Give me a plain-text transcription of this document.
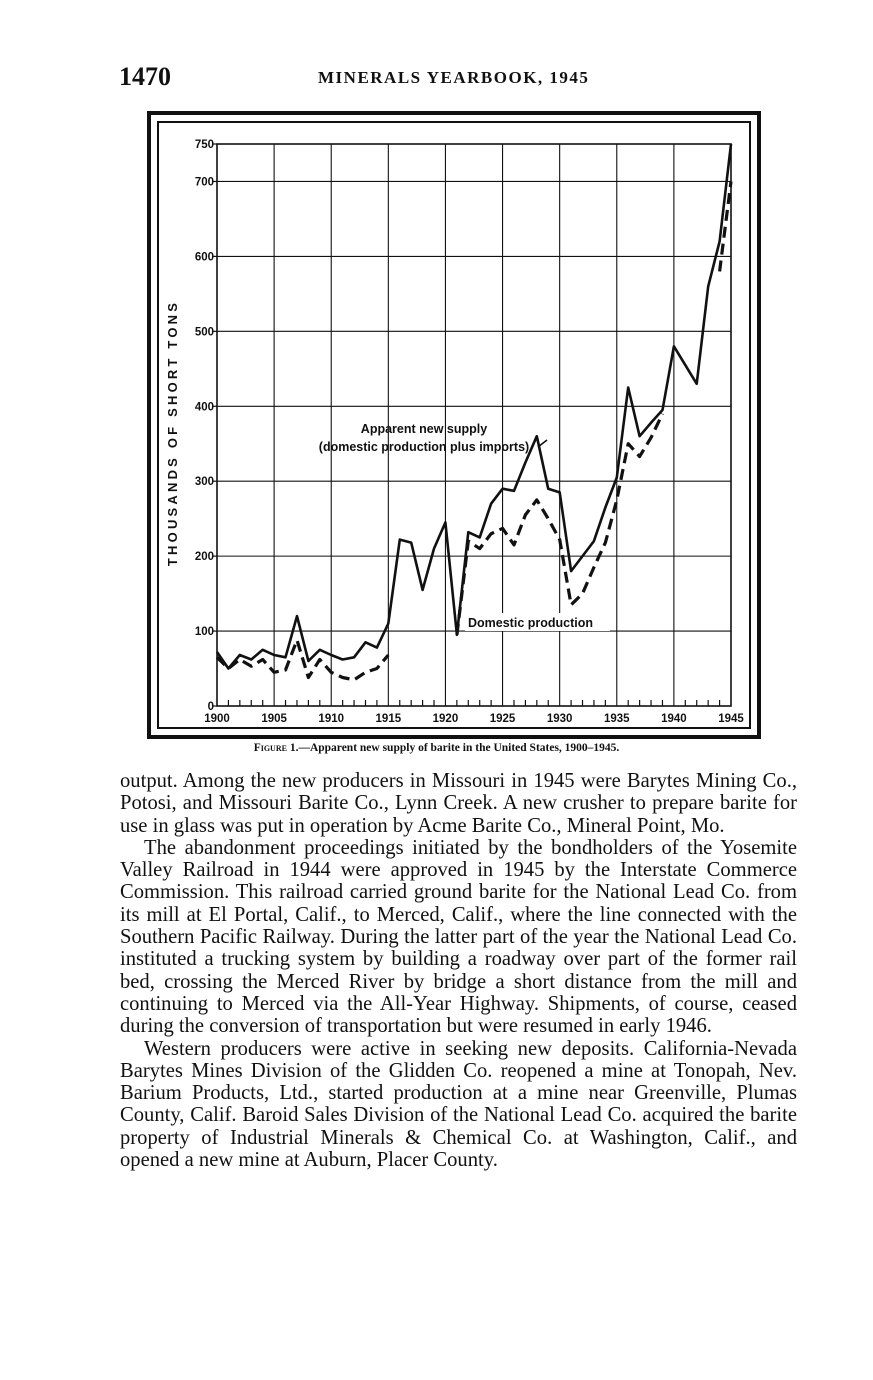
1470	MINERALS YEARBOOK, 1945
1900	1905	1910	1915	1920	1925	1930	1935	1940	1945
0
100
200
300
400
500
600
700
750
THOUSANDS OF SHORT TONS	Apparent new supply
(domestic production plus imports)
Domestic production
Figure 1.—Apparent new supply of barite in the United States, 1900–1945.

output. Among the new producers in Missouri in 1945 were Barytes Mining Co., Potosi, and Missouri Barite Co., Lynn Creek. A new crusher to prepare barite for use in glass was put in operation by Acme Barite Co., Mineral Point, Mo.

The abandonment proceedings initiated by the bondholders of the Yosemite Valley Railroad in 1944 were approved in 1945 by the Interstate Commerce Commission. This railroad carried ground barite for the National Lead Co. from its mill at El Portal, Calif., to Merced, Calif., where the line connected with the Southern Pacific Railway. During the latter part of the year the National Lead Co. instituted a trucking system by building a roadway over part of the former rail bed, crossing the Merced River by bridge a short distance from the mill and continuing to Merced via the All-Year Highway. Shipments, of course, ceased during the conversion of transportation but were resumed in early 1946.

Western producers were active in seeking new deposits. California-Nevada Barytes Mines Division of the Glidden Co. reopened a mine at Tonopah, Nev. Barium Products, Ltd., started production at a mine near Greenville, Plumas County, Calif. Baroid Sales Division of the National Lead Co. acquired the barite property of Industrial Minerals & Chemical Co. at Washington, Calif., and opened a new mine at Auburn, Placer County.
